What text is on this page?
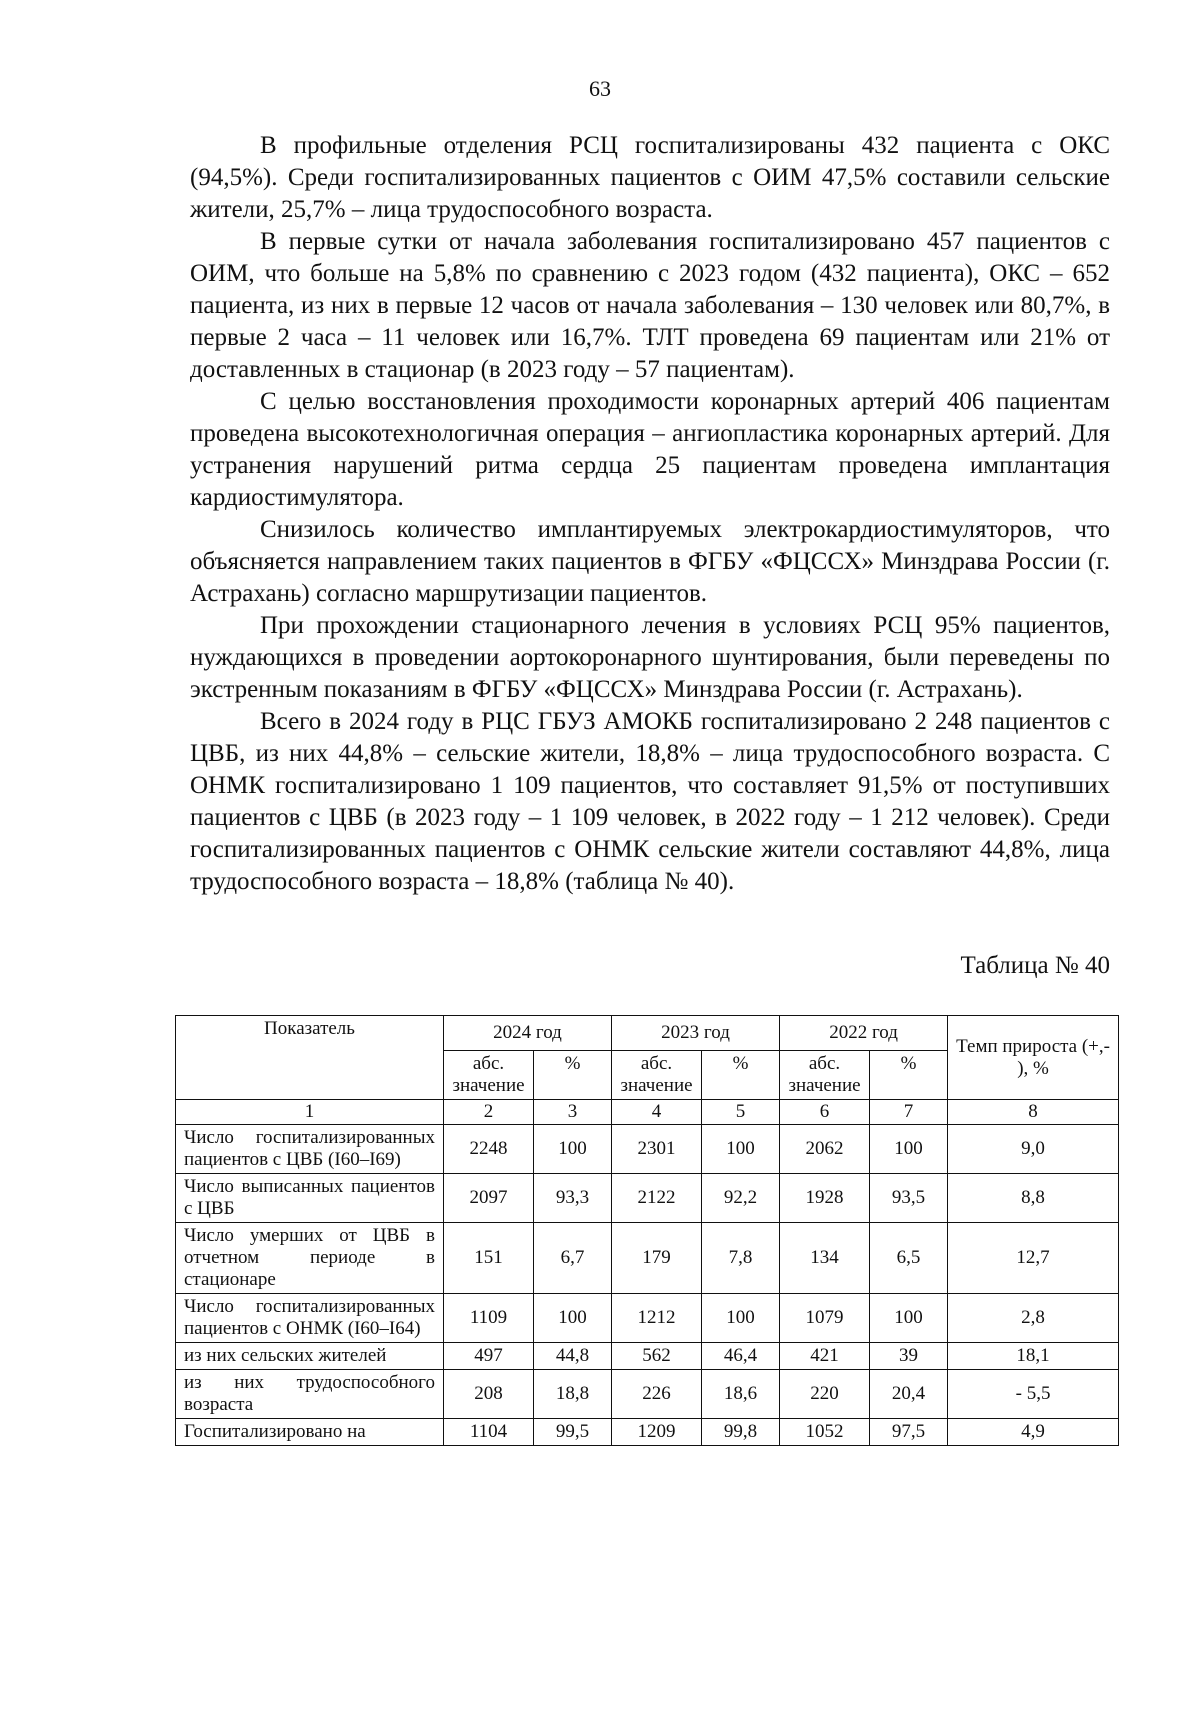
63

В профильные отделения РСЦ госпитализированы 432 пациента с ОКС (94,5%). Среди госпитализированных пациентов с ОИМ 47,5% составили сельские жители, 25,7% – лица трудоспособного возраста.

В первые сутки от начала заболевания госпитализировано 457 пациентов с ОИМ, что больше на 5,8% по сравнению с 2023 годом (432 пациента), ОКС – 652 пациента, из них в первые 12 часов от начала заболевания – 130 человек или 80,7%, в первые 2 часа – 11 человек или 16,7%. ТЛТ проведена 69 пациентам или 21% от доставленных в стационар (в 2023 году – 57 пациентам).

С целью восстановления проходимости коронарных артерий 406 пациентам проведена высокотехнологичная операция – ангиопластика коронарных артерий. Для устранения нарушений ритма сердца 25 пациентам проведена имплантация кардиостимулятора.

Снизилось количество имплантируемых электрокардиостимуляторов, что объясняется направлением таких пациентов в ФГБУ «ФЦССХ» Минздрава России (г. Астрахань) согласно маршрутизации пациентов.

При прохождении стационарного лечения в условиях РСЦ 95% пациентов, нуждающихся в проведении аортокоронарного шунтирования, были переведены по экстренным показаниям в ФГБУ «ФЦССХ» Минздрава России (г. Астрахань).

Всего в 2024 году в РЦС ГБУЗ АМОКБ госпитализировано 2 248 пациентов с ЦВБ, из них 44,8% – сельские жители, 18,8% – лица трудоспособного возраста. С ОНМК госпитализировано 1 109 пациентов, что составляет 91,5% от поступивших пациентов с ЦВБ (в 2023 году – 1 109 человек, в 2022 году – 1 212 человек). Среди госпитализированных пациентов с ОНМК сельские жители составляют 44,8%, лица трудоспособного возраста – 18,8% (таблица № 40).

Таблица № 40
Показатель	2024 год		2023 год		2022 год		Темп прироста (+,- ), %
	абс. значение	%	абс. значение	%	абс. значение	%	
1	2	3	4	5	6	7	8
Число госпитализированных пациентов с ЦВБ (I60–I69)	2248	100	2301	100	2062	100	9,0
Число выписанных пациентов с ЦВБ	2097	93,3	2122	92,2	1928	93,5	8,8
Число умерших от ЦВБ в отчетном периоде в стационаре	151	6,7	179	7,8	134	6,5	12,7
Число госпитализированных пациентов с ОНМК (I60–I64)	1109	100	1212	100	1079	100	2,8
из них сельских жителей	497	44,8	562	46,4	421	39	18,1
из них трудоспособного возраста	208	18,8	226	18,6	220	20,4	- 5,5
Госпитализировано на	1104	99,5	1209	99,8	1052	97,5	4,9
